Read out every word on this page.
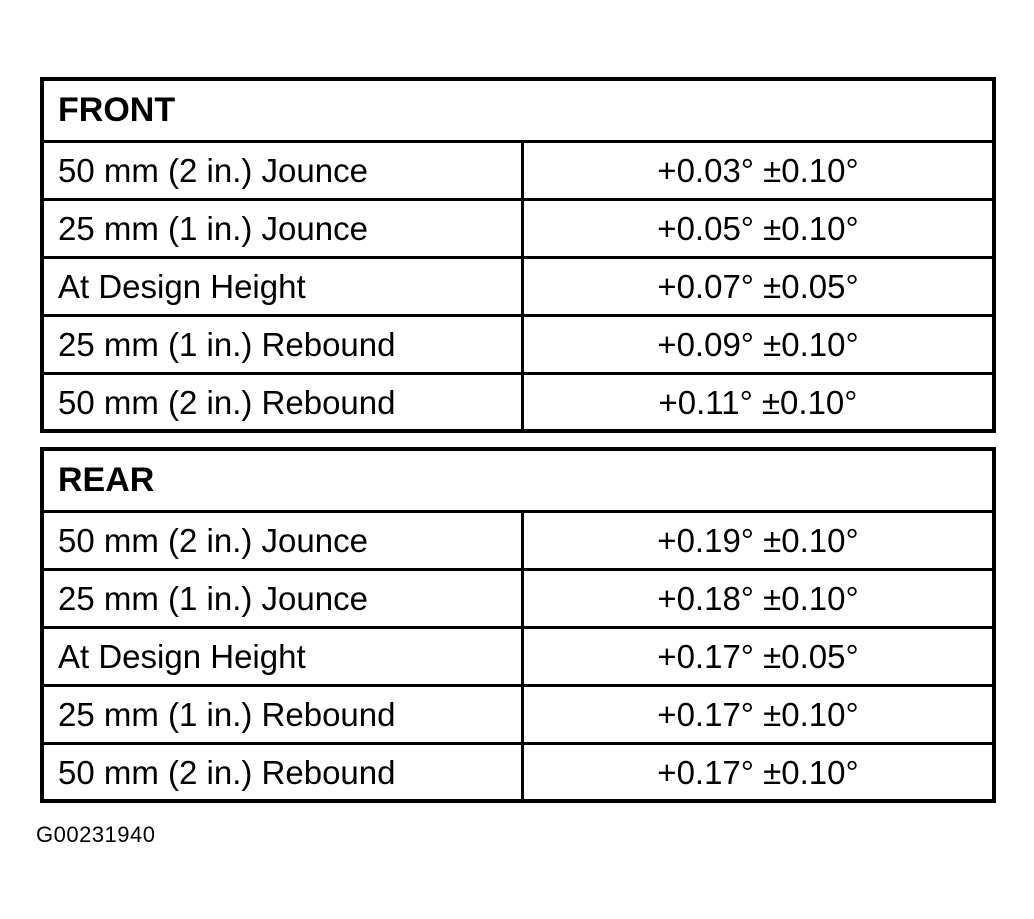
FRONT
50 mm (2 in.) Jounce	+0.03° ±0.10°
25 mm (1 in.) Jounce	+0.05° ±0.10°
At Design Height	+0.07° ±0.05°
25 mm (1 in.) Rebound	+0.09° ±0.10°
50 mm (2 in.) Rebound	+0.11° ±0.10°
REAR
50 mm (2 in.) Jounce	+0.19° ±0.10°
25 mm (1 in.) Jounce	+0.18° ±0.10°
At Design Height	+0.17° ±0.05°
25 mm (1 in.) Rebound	+0.17° ±0.10°
50 mm (2 in.) Rebound	+0.17° ±0.10°
G00231940
